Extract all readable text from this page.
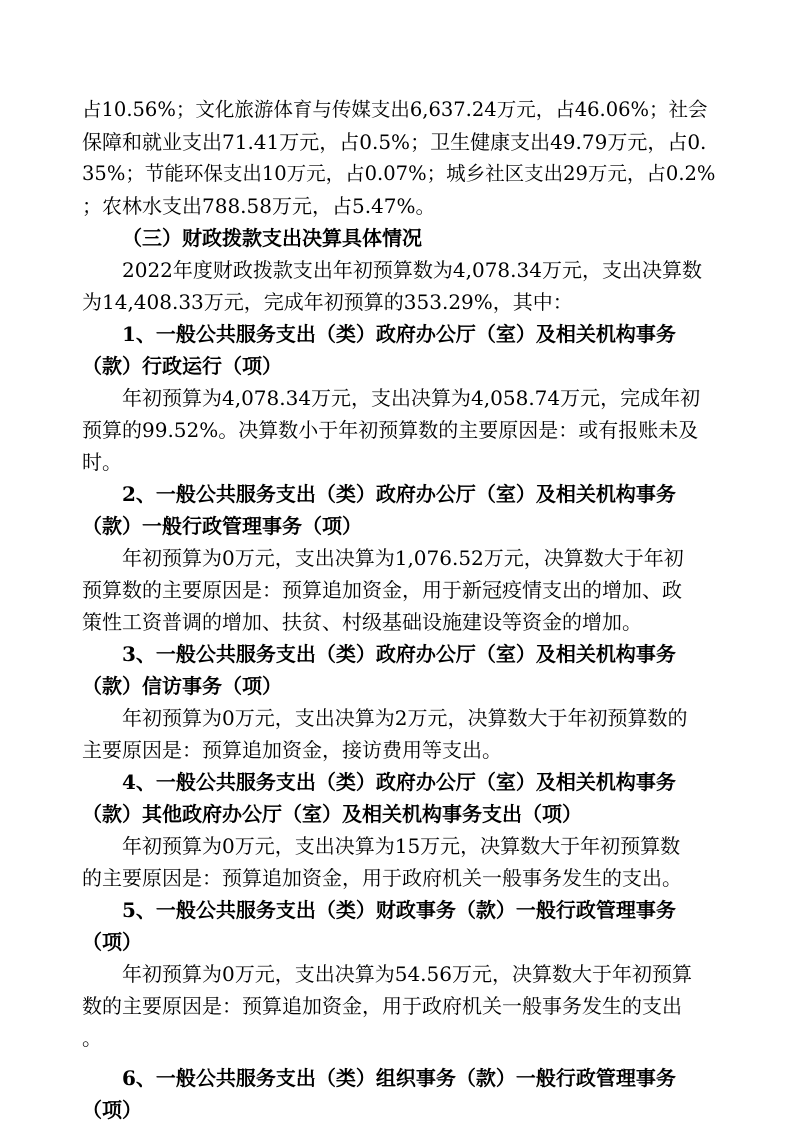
占10.56%；文化旅游体育与传媒支出6,637.24万元，占46.06%；社会
保障和就业支出71.41万元，占0.5%；卫生健康支出49.79万元，占0.
35%；节能环保支出10万元，占0.07%；城乡社区支出29万元，占0.2%
；农林水支出788.58万元，占5.47%。
（三）财政拨款支出决算具体情况
2022年度财政拨款支出年初预算数为4,078.34万元，支出决算数
为14,408.33万元，完成年初预算的353.29%，其中：
1、一般公共服务支出（类）政府办公厅（室）及相关机构事务
（款）行政运行（项）
年初预算为4,078.34万元，支出决算为4,058.74万元，完成年初
预算的99.52%。决算数小于年初预算数的主要原因是：或有报账未及
时。
2、一般公共服务支出（类）政府办公厅（室）及相关机构事务
（款）一般行政管理事务（项）
年初预算为0万元，支出决算为1,076.52万元，决算数大于年初
预算数的主要原因是：预算追加资金，用于新冠疫情支出的增加、政
策性工资普调的增加、扶贫、村级基础设施建设等资金的增加。
3、一般公共服务支出（类）政府办公厅（室）及相关机构事务
（款）信访事务（项）
年初预算为0万元，支出决算为2万元，决算数大于年初预算数的
主要原因是：预算追加资金，接访费用等支出。
4、一般公共服务支出（类）政府办公厅（室）及相关机构事务
（款）其他政府办公厅（室）及相关机构事务支出（项）
年初预算为0万元，支出决算为15万元，决算数大于年初预算数
的主要原因是：预算追加资金，用于政府机关一般事务发生的支出。
5、一般公共服务支出（类）财政事务（款）一般行政管理事务
（项）
年初预算为0万元，支出决算为54.56万元，决算数大于年初预算
数的主要原因是：预算追加资金，用于政府机关一般事务发生的支出
。
6、一般公共服务支出（类）组织事务（款）一般行政管理事务
（项）
